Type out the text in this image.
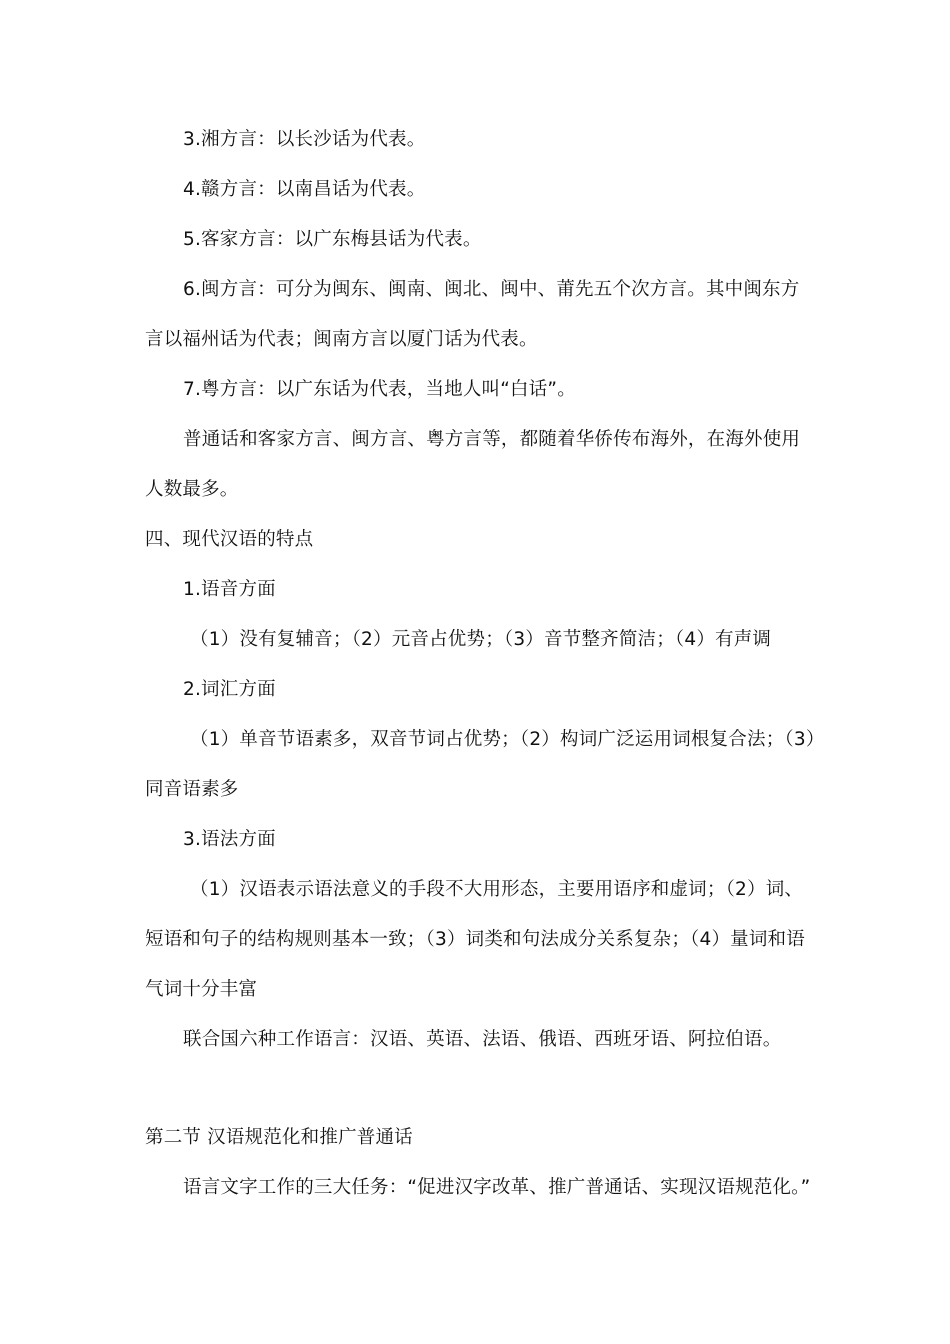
3.湘方言：以长沙话为代表。
4.赣方言：以南昌话为代表。
5.客家方言：以广东梅县话为代表。
6.闽方言：可分为闽东、闽南、闽北、闽中、莆先五个次方言。其中闽东方
言以福州话为代表；闽南方言以厦门话为代表。
7.粤方言：以广东话为代表，当地人叫“白话”。
普通话和客家方言、闽方言、粤方言等，都随着华侨传布海外，在海外使用
人数最多。
四、现代汉语的特点
1.语音方面
（1）没有复辅音；（2）元音占优势；（3）音节整齐简洁；（4）有声调
2.词汇方面
（1）单音节语素多，双音节词占优势；（2）构词广泛运用词根复合法；（3）
同音语素多
3.语法方面
（1）汉语表示语法意义的手段不大用形态，主要用语序和虚词；（2）词、
短语和句子的结构规则基本一致；（3）词类和句法成分关系复杂；（4）量词和语
气词十分丰富
联合国六种工作语言：汉语、英语、法语、俄语、西班牙语、阿拉伯语。
第二节 汉语规范化和推广普通话
语言文字工作的三大任务：“促进汉字改革、推广普通话、实现汉语规范化。”
